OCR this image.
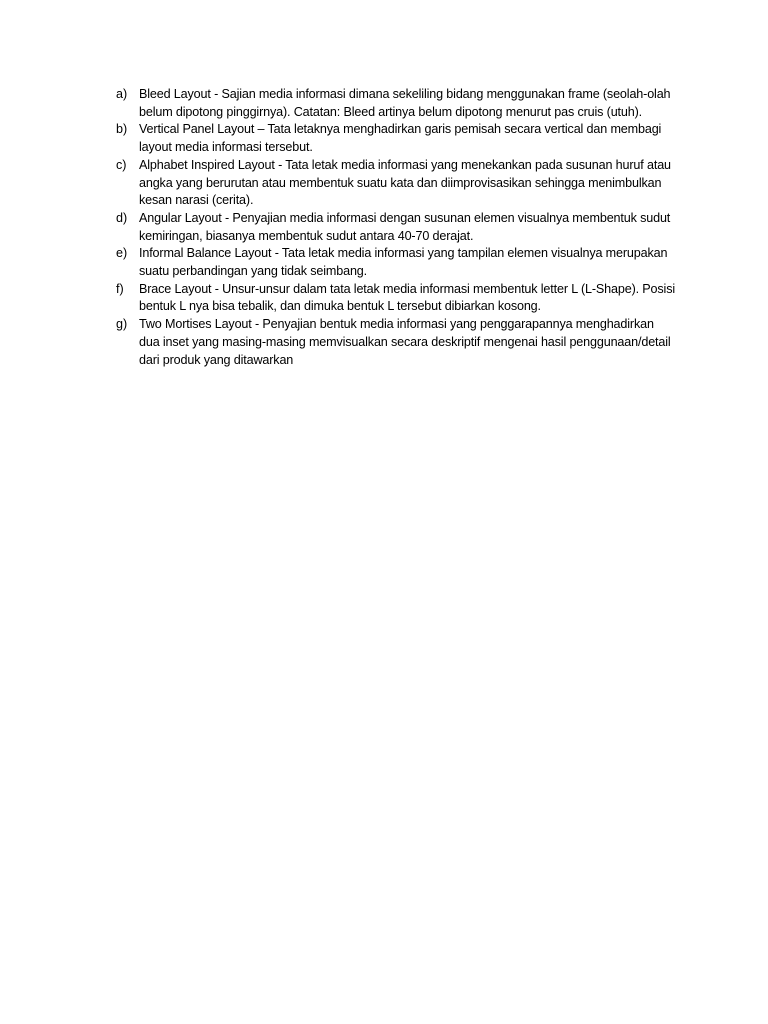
a) Bleed Layout - Sajian media informasi dimana sekeliling bidang menggunakan frame (seolah-olah belum dipotong pinggirnya). Catatan: Bleed artinya belum dipotong menurut pas cruis (utuh).
b) Vertical Panel Layout – Tata letaknya menghadirkan garis pemisah secara vertical dan membagi layout media informasi tersebut.
c) Alphabet Inspired Layout - Tata letak media informasi yang menekankan pada susunan huruf atau angka yang berurutan atau membentuk suatu kata dan diimprovisasikan sehingga menimbulkan kesan narasi (cerita).
d) Angular Layout - Penyajian media informasi dengan susunan elemen visualnya membentuk sudut kemiringan, biasanya membentuk sudut antara 40-70 derajat.
e) Informal Balance Layout - Tata letak media informasi yang tampilan elemen visualnya merupakan suatu perbandingan yang tidak seimbang.
f)	Brace Layout - Unsur-unsur dalam tata letak media informasi membentuk letter L (L-Shape). Posisi bentuk L nya bisa tebalik, dan dimuka bentuk L tersebut dibiarkan kosong.
g) Two Mortises Layout - Penyajian bentuk media informasi yang penggarapannya menghadirkan dua inset yang masing-masing memvisualkan secara deskriptif mengenai hasil penggunaan/detail dari produk yang ditawarkan
